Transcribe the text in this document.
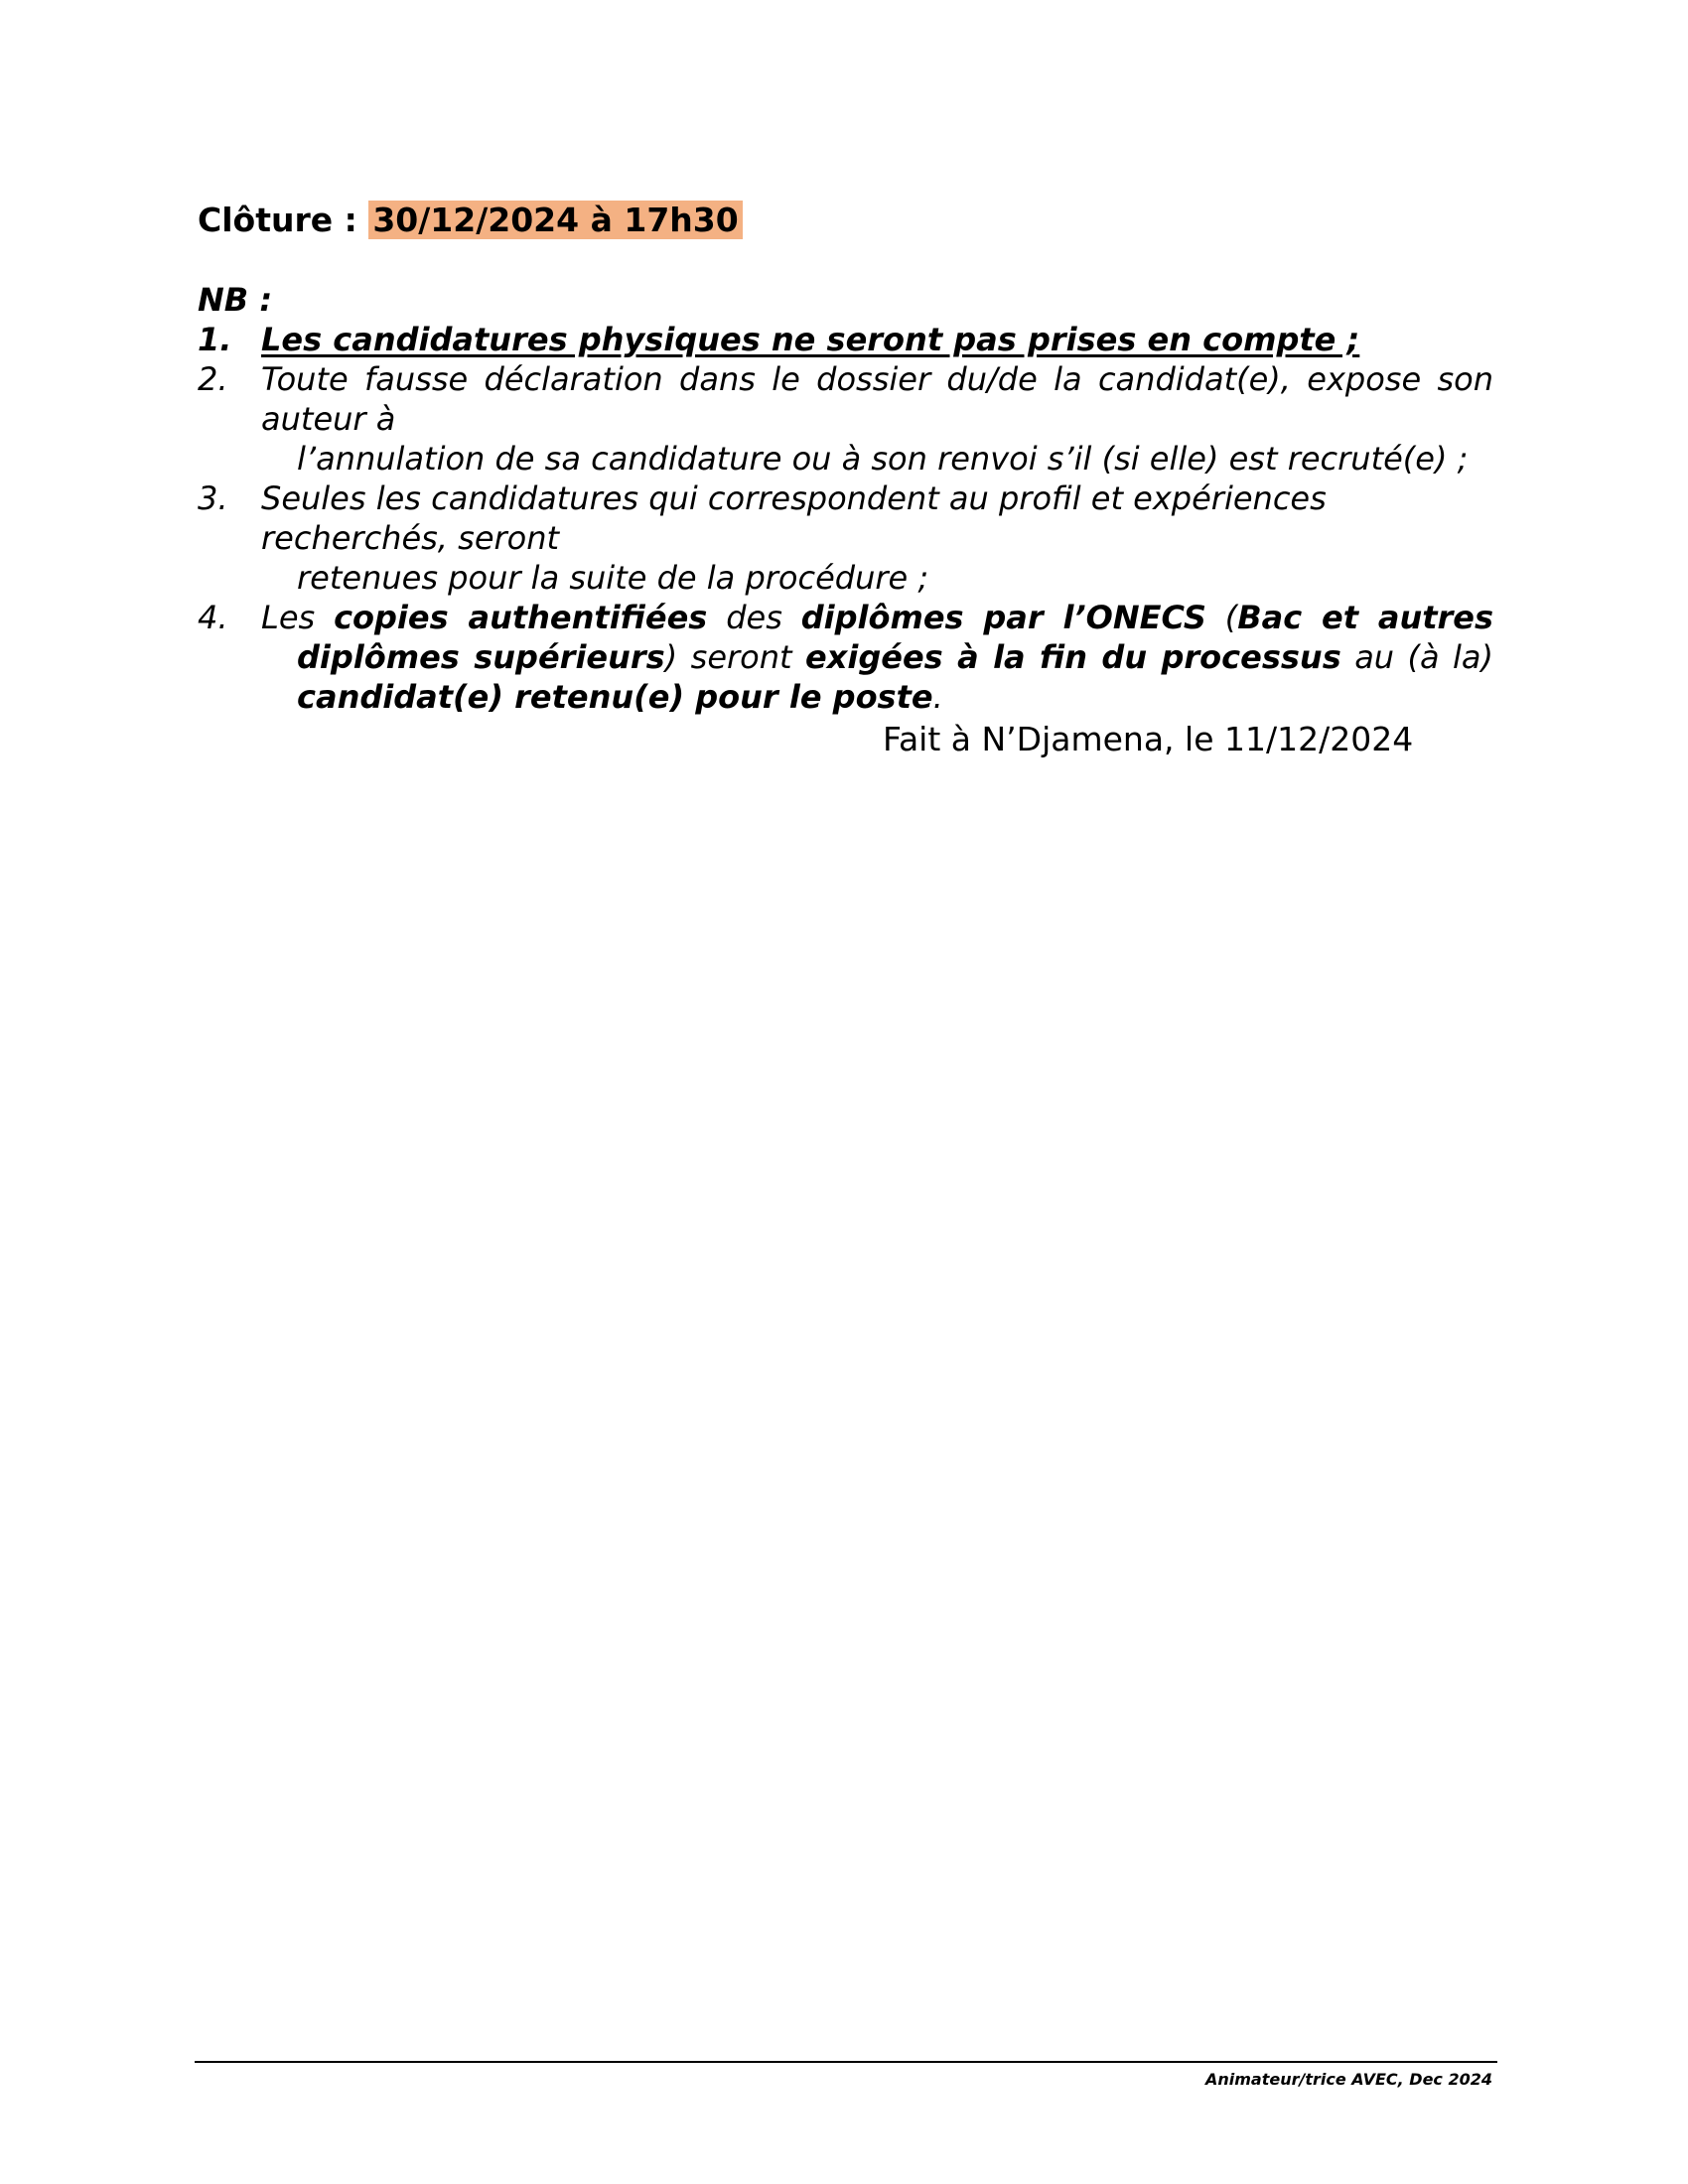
Clôture : 30/12/2024 à 17h30
NB :
1. Les candidatures physiques ne seront pas prises en compte ;
2. Toute fausse déclaration dans le dossier du/de la candidat(e), expose son auteur à
l’annulation de sa candidature ou à son renvoi s’il (si elle) est recruté(e) ;
3. Seules les candidatures qui correspondent au profil et expériences recherchés, seront
retenues pour la suite de la procédure ;
4. Les copies authentifiées des diplômes par l’ONECS (Bac et autres diplômes supérieurs) seront exigées à la fin du processus au (à la) candidat(e) retenu(e) pour le poste.
Fait à N’Djamena, le 11/12/2024
Animateur/trice AVEC, Dec 2024
